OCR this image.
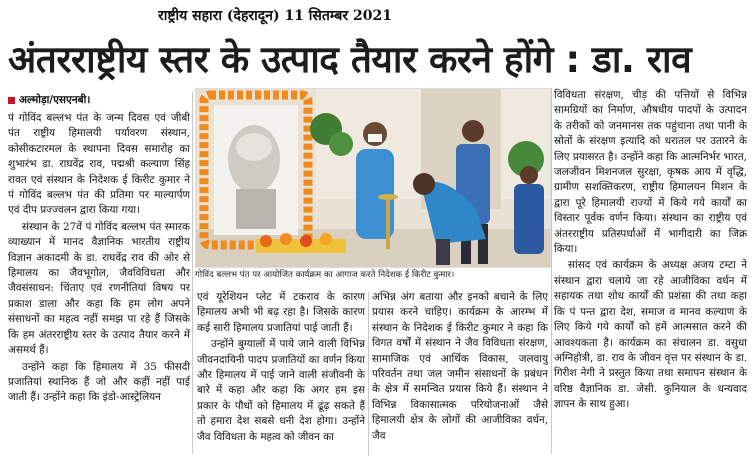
राष्ट्रीय सहारा (देहरादून) 11 सितम्बर 2021
अंतरराष्ट्रीय स्तर के उत्पाद तैयार करने होंगे : डा. राव
अल्मोड़ा/एसएनबी।

पं गोविंद बल्लभ पंत के जन्म दिवस एवं जीबी पंत राष्ट्रीय हिमालयी पर्यावरण संस्थान, कोसीकटारमल के स्थापना दिवस समारोह का शुभारंभ डा. राघवेंद्र राव, पद्मश्री कल्याण सिंह रावत एवं संस्थान के निदेशक ई किरीट कुमार ने पं गोविंद बल्लभ पंत की प्रतिमा पर माल्यार्पण एवं दीप प्रज्ज्वलन द्वारा किया गया।

संस्थान के 27वें पं गोविंद बल्लभ पंत स्मारक व्याख्यान में मानद वैज्ञानिक भारतीय राष्ट्रीय विज्ञान अकादमी के डा. राघवेंद्र राव की ओर से हिमालय का जैवभूगोल, जैवविविधता और जैवसंसाधन: चिंताए एवं रणनीतियां विषय पर प्रकाश डाला और कहा कि हम लोग अपने संसाधनों का महत्व नहीं समझ पा रहे हैं जिसके कि हम अंतरराष्ट्रीय स्तर के उत्पाद तैयार करने में असमर्थ हैं।

उन्होंने कहा कि हिमालय में 35 फीसदी प्रजातियां स्थानिक हैं जो और कहीं नहीं पाई जाती हैं। उन्होंने कहा कि इंडो-आस्ट्रेलियन

गोविंद बल्लभ पंत पर आयोजित कार्यक्रम का आगाज करते निदेशक ई किरीट कुमार।

एवं यूरेशियन प्लेट में टकराव के कारण हिमालय अभी भी बढ़ रहा है। जिसके कारण कई सारी हिमालय प्रजातियां पाई जाती हैं।

उन्होंने बुग्यालों में पाये जाने वाली विभिन्न जीवनदायिनी पादप प्रजातियों का वर्णन किया और हिमालय में पाई जाने वाली संजीवनी के बारे में कहा और कहा कि अगर हम इस प्रकार के पौधों को हिमालय में ढूंढ़ सकते हैं तो हमारा देश सबसे धनी देश होगा। उन्होंने जैव विविधता के महत्व को जीवन का

अभिन्न अंग बताया और इनको बचाने के लिए प्रयास करने चाहिए। कार्यक्रम के आरम्भ में संस्थान के निदेशक ई किरीट कुमार ने कहा कि विगत वर्षों में संस्थान ने जैव विविधता संरक्षण, सामाजिक एवं आर्थिक विकास, जलवायु परिवर्तन तथा जल जमीन संसाधनों के प्रबंधन के क्षेत्र में समन्वित प्रयास किये हैं। संस्थान ने विभिन्न विकासात्मक परियोजनाओं जैसे हिमालयी क्षेत्र के लोगों की आजीविका वर्धन, जैव

विविधता संरक्षण, चीड़ की पत्तियों से विभिन्न सामग्रियों का निर्माण, औषधीय पादपों के उत्पादन के तरीकों को जनमानस तक पहुंचाना तथा पानी के स्रोतों के संरक्षण इत्यादि को धरातल पर उतारने के लिए प्रयासरत है। उन्होंने कहा कि आत्मनिर्भर भारत, जलजीवन मिशनजल सुरक्षा, कृषक आय में वृद्धि, ग्रामीण सशक्तिकरण, राष्ट्रीय हिमालयन मिशन के द्वारा पूरे हिमालयी राज्यों में किये गये कार्यों का विस्तार पूर्वक वर्णन किया। संस्थान का राष्ट्रीय एवं अंतरराष्ट्रीय प्रतिस्पर्धाओं में भागीदारी का जिक्र किया।

सांसद एवं कार्यक्रम के अध्यक्ष अजय टम्टा ने संस्थान द्वारा चलाये जा रहे आजीविका वर्धन में सहायक तथा शोध कार्यों की प्रशंसा की तथा कहा कि पं पन्त द्वारा देश, समाज व मानव कल्याण के लिए किये गये कार्यों को हमें आत्मसात करने की आवश्यकता है। कार्यक्रम का संचालन डा. वसुधा अग्निहोत्री, डा. राव के जीवन वृत्त पर संस्थान के डा. गिरीश नेगी ने प्रस्तुत किया तथा समापन संस्थान के वरिष्ठ वैज्ञानिक डा. जेसी. कुनियाल के धन्यवाद ज्ञापन के साथ हुआ।
